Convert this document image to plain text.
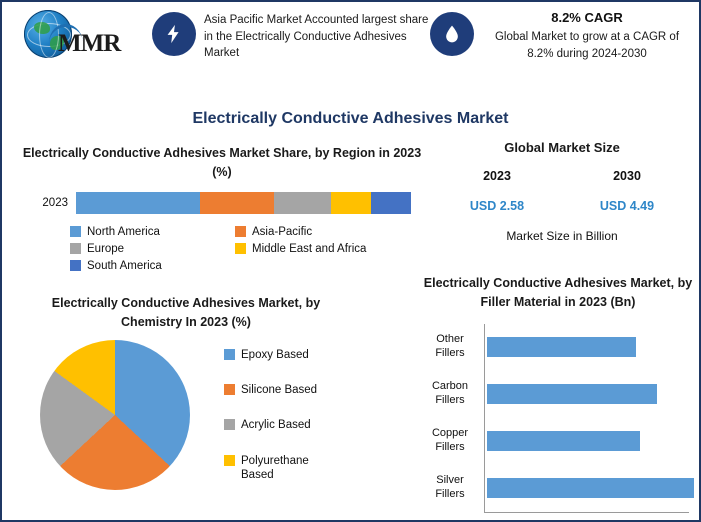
MMR
Asia Pacific Market Accounted largest share in the Electrically Conductive Adhesives Market
8.2% CAGR
Global Market to grow at a CAGR of 8.2% during 2024-2030
Electrically Conductive Adhesives Market
Electrically Conductive Adhesives Market Share, by Region in 2023 (%)
2023
North America	Asia-Pacific
Europe	Middle East and Africa
South America
Global Market Size
2023	2030
USD 2.58	USD 4.49
Market Size in Billion
Electrically Conductive Adhesives Market, by Chemistry In 2023 (%)
Epoxy Based
Silicone Based
Acrylic Based
Polyurethane Based
Electrically Conductive Adhesives Market, by Filler Material in 2023 (Bn)
Other Fillers
Carbon Fillers
Copper Fillers
Silver Fillers
